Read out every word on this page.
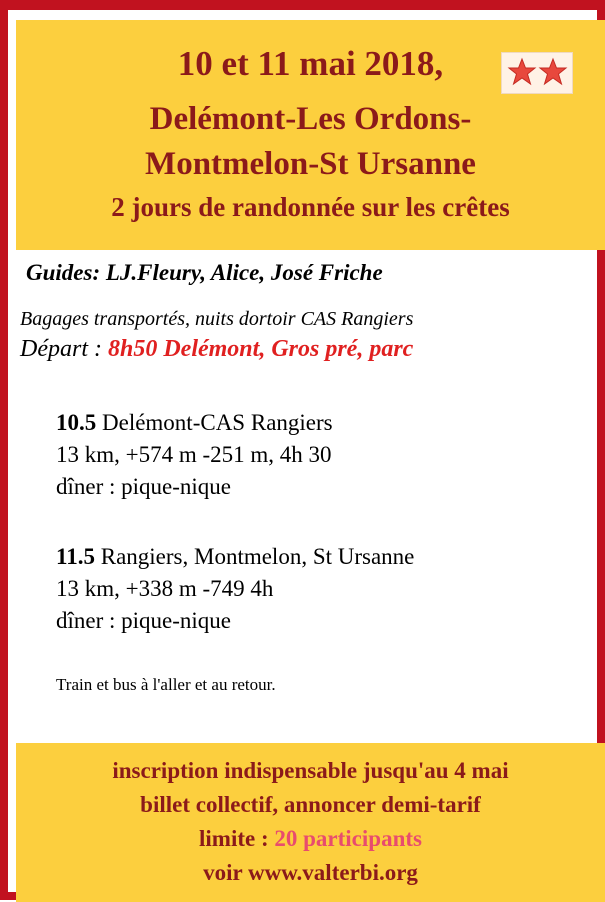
10 et 11 mai 2018,
Delémont-Les Ordons-
Montmelon-St Ursanne
2 jours de randonnée sur les crêtes
Guides: LJ.Fleury, Alice, José Friche
Bagages transportés, nuits dortoir CAS Rangiers
Départ : 8h50 Delémont, Gros pré, parc
10.5 Delémont-CAS Rangiers
13 km, +574 m -251 m, 4h 30
dîner : pique-nique
11.5 Rangiers, Montmelon, St Ursanne
13 km, +338 m -749 4h
dîner : pique-nique
Train et bus à l'aller et au retour.
inscription indispensable jusqu'au 4 mai
billet collectif, annoncer demi-tarif
limite : 20 participants
voir www.valterbi.org
